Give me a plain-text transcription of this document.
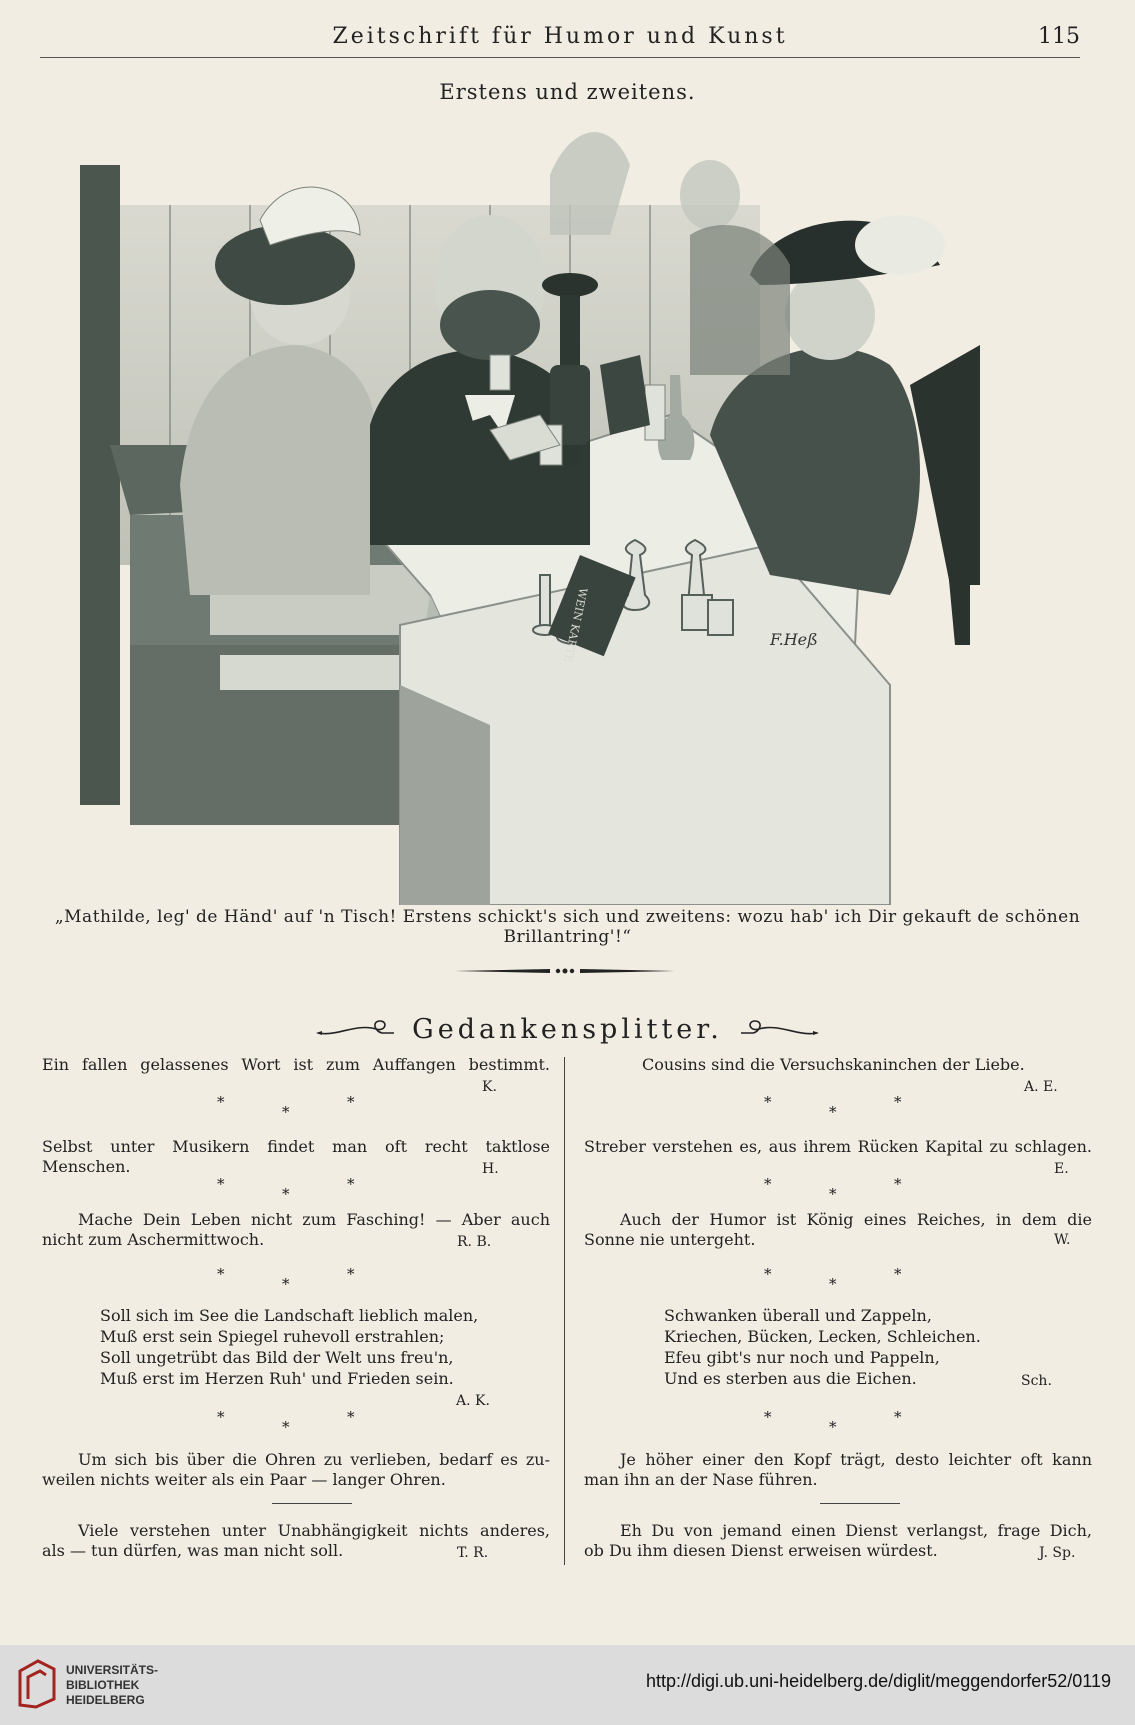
Zeitschrift für Humor und Kunst	115
Erstens und zweitens.
WEIN KARTE	F.Heß
„Mathilde, leg' de Händ' auf 'n Tisch! Erstens schickt's sich und zweitens: wozu hab' ich Dir gekauft de schönen Brillantring'!“
Gedankensplitter.
Ein fallen gelassenes Wort ist zum Auffangen bestimmt.
K.
*
*
*
Selbst unter Musikern findet man oft recht taktlose Menschen.	H.
*
*
*
Mache Dein Leben nicht zum Fasching! — Aber auch
nicht zum Aschermittwoch.	R. B.
*
*
*
Soll sich im See die Landschaft lieblich malen,
Muß erst sein Spiegel ruhevoll erstrahlen;
Soll ungetrübt das Bild der Welt uns freu'n,
Muß erst im Herzen Ruh' und Frieden sein.
A. K.
*
*
*
Um sich bis über die Ohren zu verlieben, bedarf es zu-
weilen nichts weiter als ein Paar — langer Ohren.
Viele verstehen unter Unabhängigkeit nichts anderes,
als — tun dürfen, was man nicht soll.	T. R.
Cousins sind die Versuchskaninchen der Liebe.
A. E.
*
*
*
Streber verstehen es, aus ihrem Rücken Kapital zu schlagen.
E.
*
*
*
Auch der Humor ist König eines Reiches, in dem die
Sonne nie untergeht.	W.
*
*
*
Schwanken überall und Zappeln,
Kriechen, Bücken, Lecken, Schleichen.
Efeu gibt's nur noch und Pappeln,
Und es sterben aus die Eichen.	Sch.
*
*
*
Je höher einer den Kopf trägt, desto leichter oft kann
man ihn an der Nase führen.
Eh Du von jemand einen Dienst verlangst, frage Dich,
ob Du ihm diesen Dienst erweisen würdest.	J. Sp.
UNIVERSITÄTS-
BIBLIOTHEK
HEIDELBERG
http://digi.ub.uni-heidelberg.de/diglit/meggendorfer52/0119
